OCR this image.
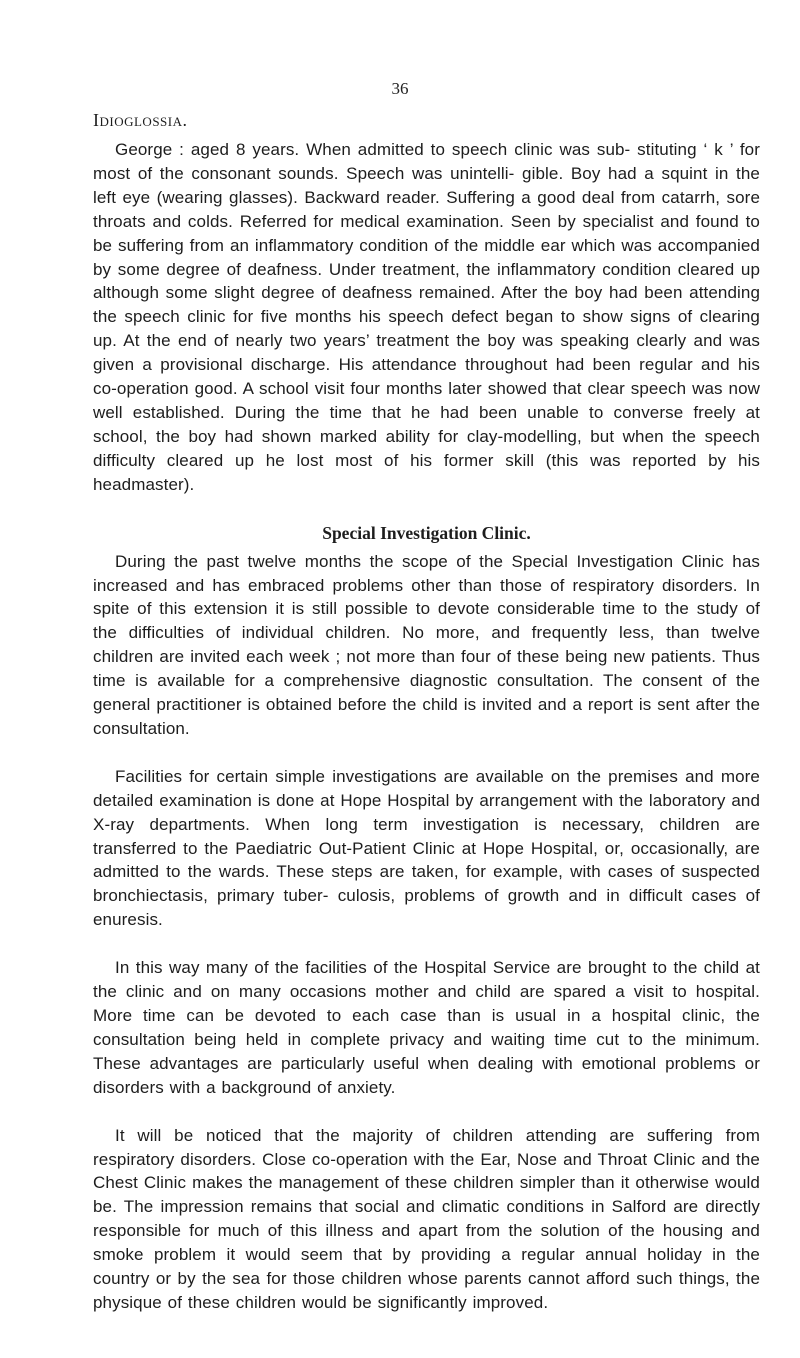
36
Idioglossia.

George : aged 8 years. When admitted to speech clinic was sub- stituting ‘ k ’ for most of the consonant sounds. Speech was unintelli- gible. Boy had a squint in the left eye (wearing glasses). Backward reader. Suffering a good deal from catarrh, sore throats and colds. Referred for medical examination. Seen by specialist and found to be suffering from an inflammatory condition of the middle ear which was accompanied by some degree of deafness. Under treatment, the inflammatory condition cleared up although some slight degree of deafness remained. After the boy had been attending the speech clinic for five months his speech defect began to show signs of clearing up. At the end of nearly two years’ treatment the boy was speaking clearly and was given a provisional discharge. His attendance throughout had been regular and his co-operation good. A school visit four months later showed that clear speech was now well established. During the time that he had been unable to converse freely at school, the boy had shown marked ability for clay-modelling, but when the speech difficulty cleared up he lost most of his former skill (this was reported by his headmaster).

Special Investigation Clinic.

During the past twelve months the scope of the Special Investigation Clinic has increased and has embraced problems other than those of respiratory disorders. In spite of this extension it is still possible to devote considerable time to the study of the difficulties of individual children. No more, and frequently less, than twelve children are invited each week ; not more than four of these being new patients. Thus time is available for a comprehensive diagnostic consultation. The consent of the general practitioner is obtained before the child is invited and a report is sent after the consultation.

Facilities for certain simple investigations are available on the premises and more detailed examination is done at Hope Hospital by arrangement with the laboratory and X-ray departments. When long term investigation is necessary, children are transferred to the Paediatric Out-Patient Clinic at Hope Hospital, or, occasionally, are admitted to the wards. These steps are taken, for example, with cases of suspected bronchiectasis, primary tuber- culosis, problems of growth and in difficult cases of enuresis.

In this way many of the facilities of the Hospital Service are brought to the child at the clinic and on many occasions mother and child are spared a visit to hospital. More time can be devoted to each case than is usual in a hospital clinic, the consultation being held in complete privacy and waiting time cut to the minimum. These advantages are particularly useful when dealing with emotional problems or disorders with a background of anxiety.

It will be noticed that the majority of children attending are suffering from respiratory disorders. Close co-operation with the Ear, Nose and Throat Clinic and the Chest Clinic makes the management of these children simpler than it otherwise would be. The impression remains that social and climatic conditions in Salford are directly responsible for much of this illness and apart from the solution of the housing and smoke problem it would seem that by providing a regular annual holiday in the country or by the sea for those children whose parents cannot afford such things, the physique of these children would be significantly improved.
